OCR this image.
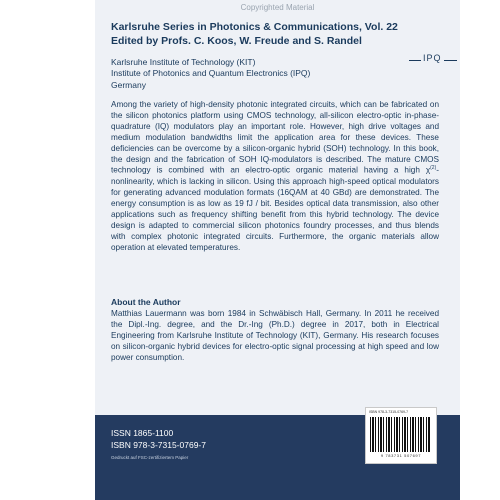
Copyrighted Material
Karlsruhe Series in Photonics & Communications, Vol. 22
Edited by Profs. C. Koos, W. Freude and S. Randel
Karlsruhe Institute of Technology (KIT)
Institute of Photonics and Quantum Electronics (IPQ)
Germany
IPQ
Among the variety of high-density photonic integrated circuits, which can be fabricated on the silicon photonics platform using CMOS technology, all-silicon electro-optic in-phase-quadrature (IQ) modulators play an important role. However, high drive voltages and medium modulation bandwidths limit the application area for these devices. These deficiencies can be overcome by a silicon-organic hybrid (SOH) technology. In this book, the design and the fabrication of SOH IQ-modulators is described. The mature CMOS technology is combined with an electro-optic organic material having a high $\chi^{(2)}$-nonlinearity, which is lacking in silicon. Using this approach high-speed optical modulators for generating advanced modulation formats (16QAM at 40 GBd) are demonstrated. The energy consumption is as low as 19 fJ / bit. Besides optical data transmission, also other applications such as frequency shifting benefit from this hybrid technology. The device design is adapted to commercial silicon photonics foundry processes, and thus blends with complex photonic integrated circuits. Furthermore, the organic materials allow operation at elevated temperatures.
About the Author
Matthias Lauermann was born 1984 in Schwäbisch Hall, Germany. In 2011 he received the Dipl.-Ing. degree, and the Dr.-Ing (Ph.D.) degree in 2017, both in Electrical Engineering from Karlsruhe Institute of Technology (KIT), Germany. His research focuses on silicon-organic hybrid devices for electro-optic signal processing at high speed and low power consumption.
ISSN 1865-1100
ISBN 978-3-7315-0769-7
Gedruckt auf FSC-zertifiziertem Papier
ISBN 978-3-7315-0769-7
9 783731 507697
